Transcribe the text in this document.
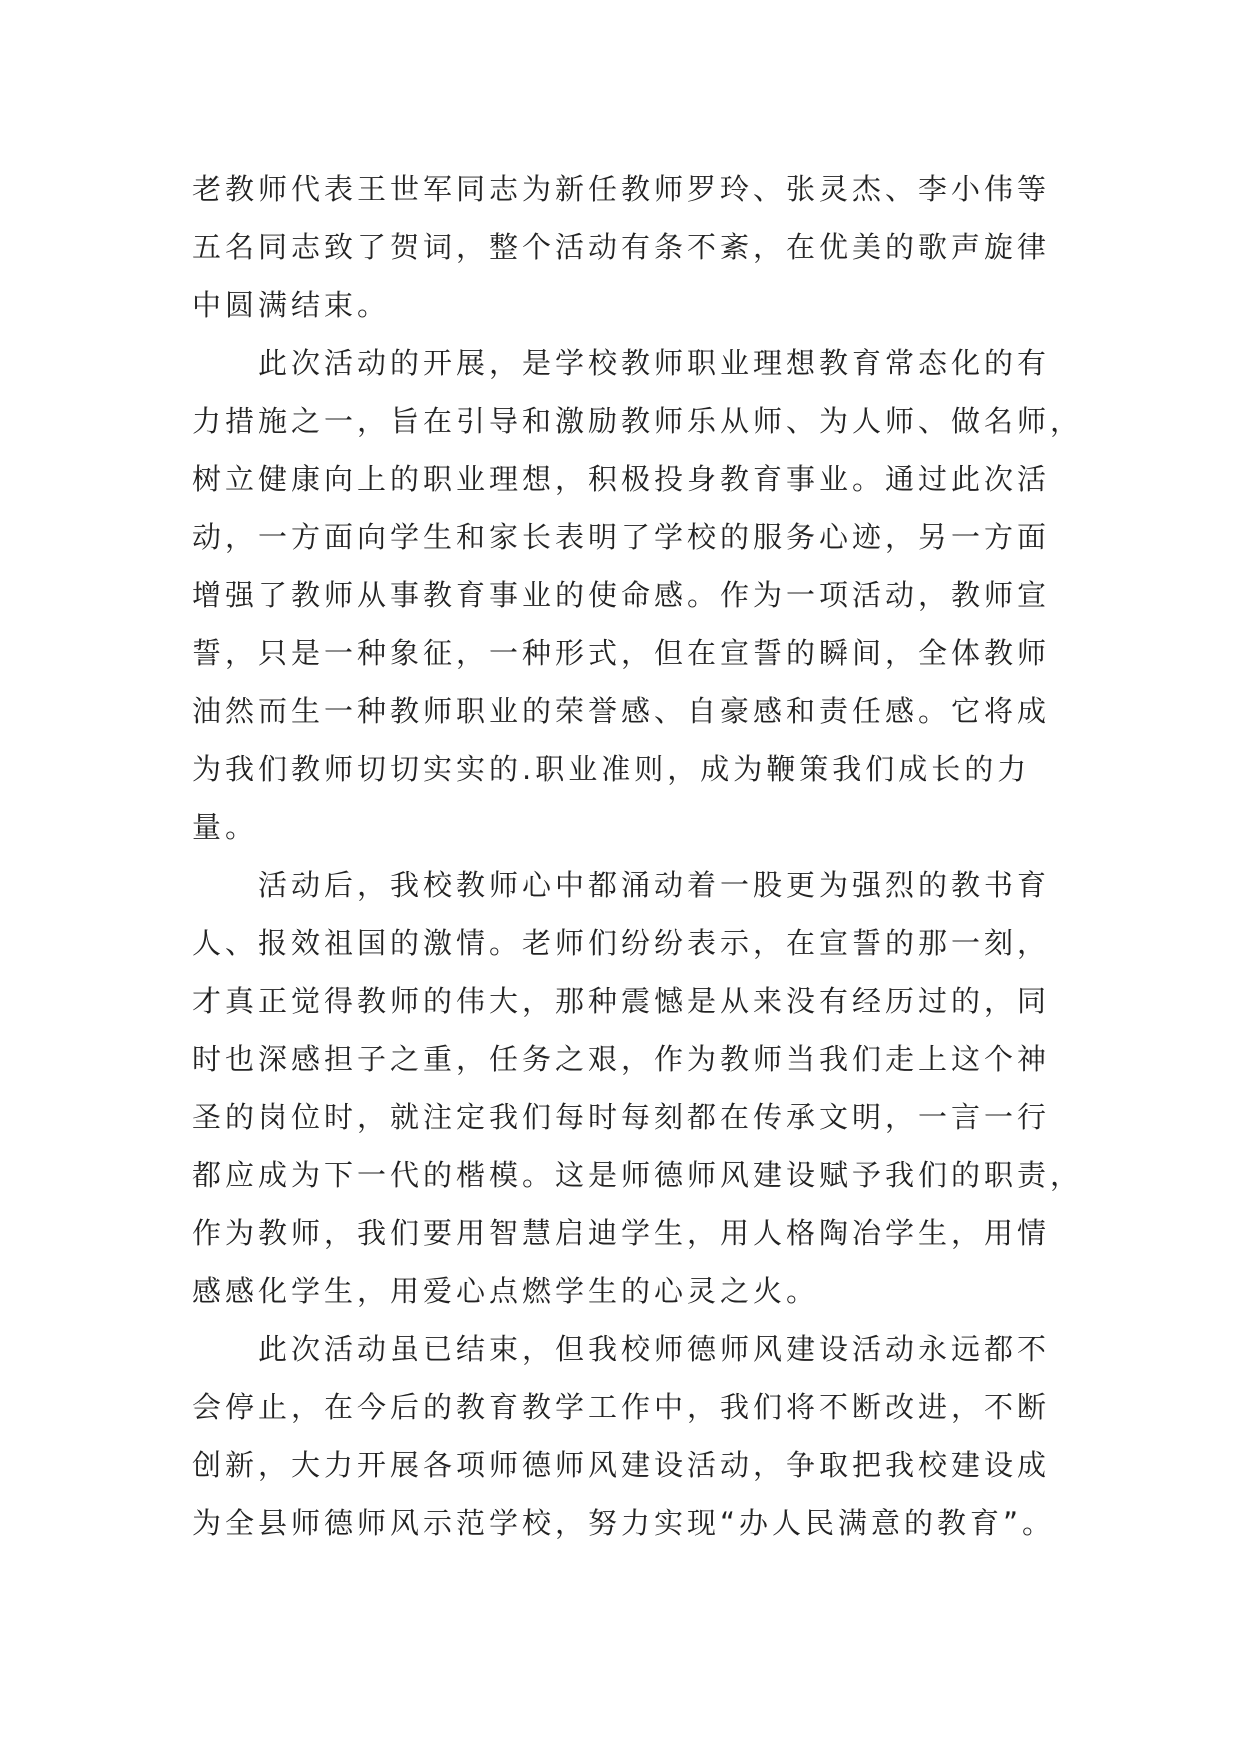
老教师代表王世军同志为新任教师罗玲、张灵杰、李小伟等
五名同志致了贺词，整个活动有条不紊，在优美的歌声旋律
中圆满结束。
此次活动的开展，是学校教师职业理想教育常态化的有
力措施之一，旨在引导和激励教师乐从师、为人师、做名师，
树立健康向上的职业理想，积极投身教育事业。通过此次活
动，一方面向学生和家长表明了学校的服务心迹，另一方面
增强了教师从事教育事业的使命感。作为一项活动，教师宣
誓，只是一种象征，一种形式，但在宣誓的瞬间，全体教师
油然而生一种教师职业的荣誉感、自豪感和责任感。它将成
为我们教师切切实实的.职业准则，成为鞭策我们成长的力
量。
活动后，我校教师心中都涌动着一股更为强烈的教书育
人、报效祖国的激情。老师们纷纷表示，在宣誓的那一刻，
才真正觉得教师的伟大，那种震憾是从来没有经历过的，同
时也深感担子之重，任务之艰，作为教师当我们走上这个神
圣的岗位时，就注定我们每时每刻都在传承文明，一言一行
都应成为下一代的楷模。这是师德师风建设赋予我们的职责，
作为教师，我们要用智慧启迪学生，用人格陶冶学生，用情
感感化学生，用爱心点燃学生的心灵之火。
此次活动虽已结束，但我校师德师风建设活动永远都不
会停止，在今后的教育教学工作中，我们将不断改进，不断
创新，大力开展各项师德师风建设活动，争取把我校建设成
为全县师德师风示范学校，努力实现“办人民满意的教育”。
